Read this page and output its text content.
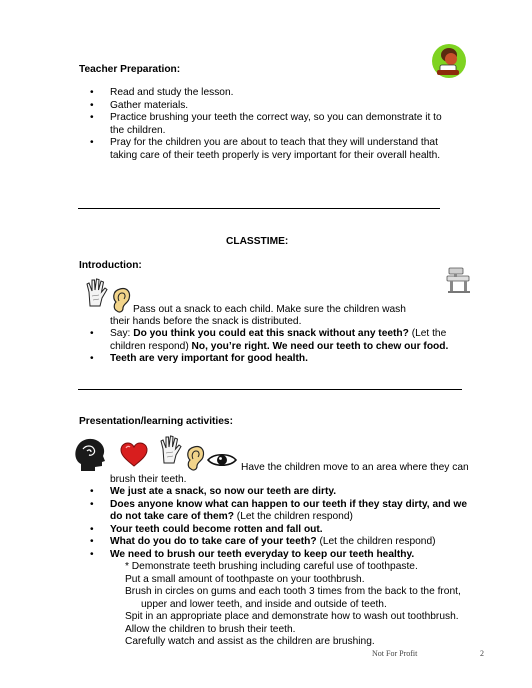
Teacher Preparation:
• Read and study the lesson.
• Gather materials.
• Practice brushing your teeth the correct way, so you can demonstrate it to the children.
• Pray for the children you are about to teach that they will understand that taking care of their teeth properly is very important for their overall health.
CLASSTIME:
Introduction:
Pass out a snack to each child. Make sure the children wash
their hands before the snack is distributed.
• Say: Do you think you could eat this snack without any teeth? (Let the children respond) No, you’re right. We need our teeth to chew our food.
• Teeth are very important for good health.
Presentation/learning activities:
Have the children move to an area where they can
brush their teeth.
• We just ate a snack, so now our teeth are dirty.
• Does anyone know what can happen to our teeth if they stay dirty, and we do not take care of them? (Let the children respond)
• Your teeth could become rotten and fall out.
• What do you do to take care of your teeth? (Let the children respond)
• We need to brush our teeth everyday to keep our teeth healthy.
* Demonstrate teeth brushing including careful use of toothpaste.
Put a small amount of toothpaste on your toothbrush.
Brush in circles on gums and each tooth 3 times from the back to the front,
upper and lower teeth, and inside and outside of teeth.
Spit in an appropriate place and demonstrate how to wash out toothbrush.
Allow the children to brush their teeth.
Carefully watch and assist as the children are brushing.
Not For Profit	2
